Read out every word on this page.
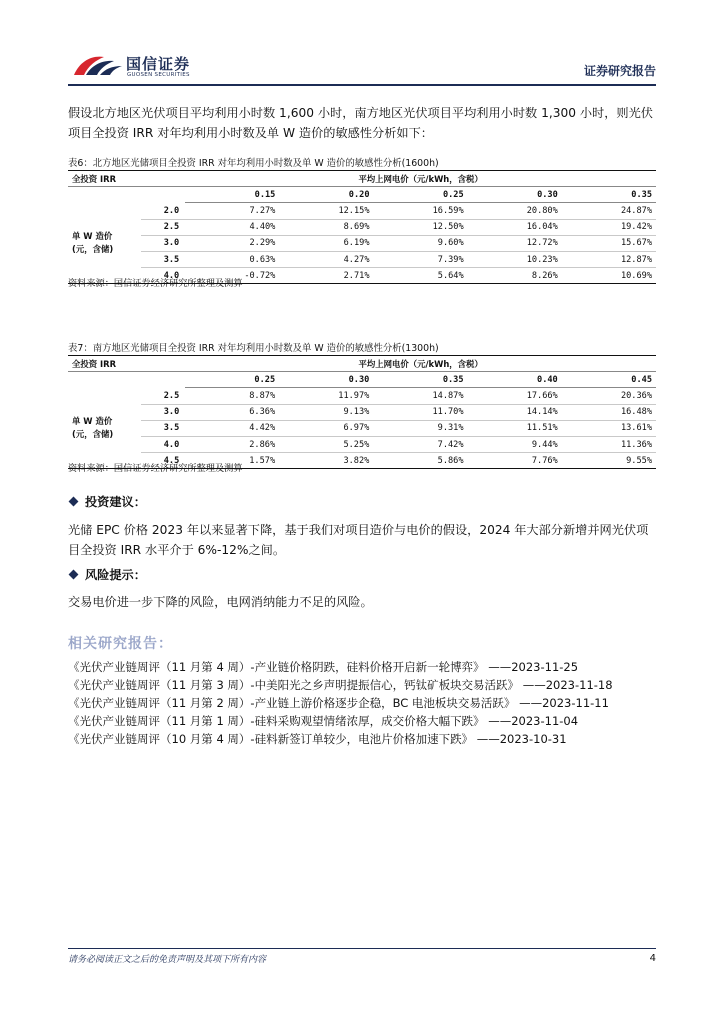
国信证券
GUOSEN SECURITIES	证券研究报告
假设北方地区光伏项目平均利用小时数 1,600 小时，南方地区光伏项目平均利用小时数 1,300 小时，则光伏项目全投资 IRR 对年均利用小时数及单 W 造价的敏感性分析如下：
表6：北方地区光储项目全投资 IRR 对年均利用小时数及单 W 造价的敏感性分析(1600h)
全投资 IRR		平均上网电价（元/kWh，含税）				
		0.15	0.20	0.25	0.30	0.35
单 W 造价
(元，含储)	2.0	7.27%	12.15%	16.59%	20.80%	24.87%
	2.5	4.40%	8.69%	12.50%	16.04%	19.42%
	3.0	2.29%	6.19%	9.60%	12.72%	15.67%
	3.5	0.63%	4.27%	7.39%	10.23%	12.87%
	4.0	-0.72%	2.71%	5.64%	8.26%	10.69%
资料来源：国信证券经济研究所整理及测算
表7：南方地区光储项目全投资 IRR 对年均利用小时数及单 W 造价的敏感性分析(1300h)
全投资 IRR		平均上网电价（元/kWh，含税）				
		0.25	0.30	0.35	0.40	0.45
单 W 造价
(元，含储)	2.5	8.87%	11.97%	14.87%	17.66%	20.36%
	3.0	6.36%	9.13%	11.70%	14.14%	16.48%
	3.5	4.42%	6.97%	9.31%	11.51%	13.61%
	4.0	2.86%	5.25%	7.42%	9.44%	11.36%
	4.5	1.57%	3.82%	5.86%	7.76%	9.55%
资料来源：国信证券经济研究所整理及测算
投资建议：
光储 EPC 价格 2023 年以来显著下降，基于我们对项目造价与电价的假设，2024 年大部分新增并网光伏项目全投资 IRR 水平介于 6%-12%之间。
风险提示：
交易电价进一步下降的风险，电网消纳能力不足的风险。
相关研究报告：
《光伏产业链周评（11 月第 4 周）-产业链价格阴跌，硅料价格开启新一轮博弈》 ——2023-11-25
《光伏产业链周评（11 月第 3 周）-中美阳光之乡声明提振信心，钙钛矿板块交易活跃》 ——2023-11-18
《光伏产业链周评（11 月第 2 周）-产业链上游价格逐步企稳，BC 电池板块交易活跃》 ——2023-11-11
《光伏产业链周评（11 月第 1 周）-硅料采购观望情绪浓厚，成交价格大幅下跌》 ——2023-11-04
《光伏产业链周评（10 月第 4 周）-硅料新签订单较少，电池片价格加速下跌》 ——2023-10-31
请务必阅读正文之后的免责声明及其项下所有内容	4
